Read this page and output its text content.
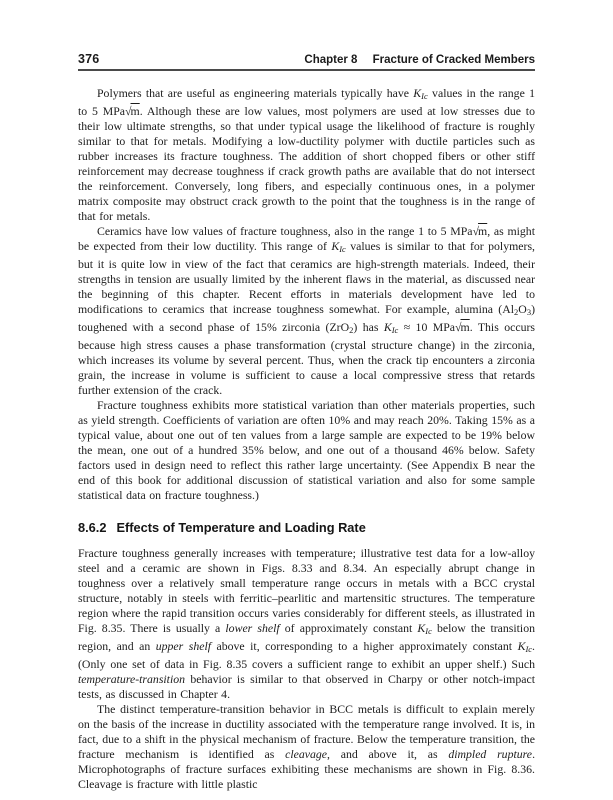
376	Chapter 8 Fracture of Cracked Members

Polymers that are useful as engineering materials typically have KIc values in the range 1 to 5 MPa√m. Although these are low values, most polymers are used at low stresses due to their low ultimate strengths, so that under typical usage the likelihood of fracture is roughly similar to that for metals. Modifying a low-ductility polymer with ductile particles such as rubber increases its fracture toughness. The addition of short chopped fibers or other stiff reinforcement may decrease toughness if crack growth paths are available that do not intersect the reinforcement. Conversely, long fibers, and especially continuous ones, in a polymer matrix composite may obstruct crack growth to the point that the toughness is in the range of that for metals.

Ceramics have low values of fracture toughness, also in the range 1 to 5 MPa√m, as might be expected from their low ductility. This range of KIc values is similar to that for polymers, but it is quite low in view of the fact that ceramics are high-strength materials. Indeed, their strengths in tension are usually limited by the inherent flaws in the material, as discussed near the beginning of this chapter. Recent efforts in materials development have led to modifications to ceramics that increase toughness somewhat. For example, alumina $(Al_2O_3)$ toughened with a second phase of 15% zirconia (ZrO$_2$) has KIc ≈ 10 MPa√m. This occurs because high stress causes a phase transformation (crystal structure change) in the zirconia, which increases its volume by several percent. Thus, when the crack tip encounters a zirconia grain, the increase in volume is sufficient to cause a local compressive stress that retards further extension of the crack.

Fracture toughness exhibits more statistical variation than other materials properties, such as yield strength. Coefficients of variation are often 10% and may reach 20%. Taking 15% as a typical value, about one out of ten values from a large sample are expected to be 19% below the mean, one out of a hundred 35% below, and one out of a thousand 46% below. Safety factors used in design need to reflect this rather large uncertainty. (See Appendix B near the end of this book for additional discussion of statistical variation and also for some sample statistical data on fracture toughness.)

8.6.2 Effects of Temperature and Loading Rate

Fracture toughness generally increases with temperature; illustrative test data for a low-alloy steel and a ceramic are shown in Figs. 8.33 and 8.34. An especially abrupt change in toughness over a relatively small temperature range occurs in metals with a BCC crystal structure, notably in steels with ferritic–pearlitic and martensitic structures. The temperature region where the rapid transition occurs varies considerably for different steels, as illustrated in Fig. 8.35. There is usually a lower shelf of approximately constant KIc below the transition region, and an upper shelf above it, corresponding to a higher approximately constant KIc. (Only one set of data in Fig. 8.35 covers a sufficient range to exhibit an upper shelf.) Such temperature-transition behavior is similar to that observed in Charpy or other notch-impact tests, as discussed in Chapter 4.

The distinct temperature-transition behavior in BCC metals is difficult to explain merely on the basis of the increase in ductility associated with the temperature range involved. It is, in fact, due to a shift in the physical mechanism of fracture. Below the temperature transition, the fracture mechanism is identified as cleavage, and above it, as dimpled rupture. Microphotographs of fracture surfaces exhibiting these mechanisms are shown in Fig. 8.36. Cleavage is fracture with little plastic
